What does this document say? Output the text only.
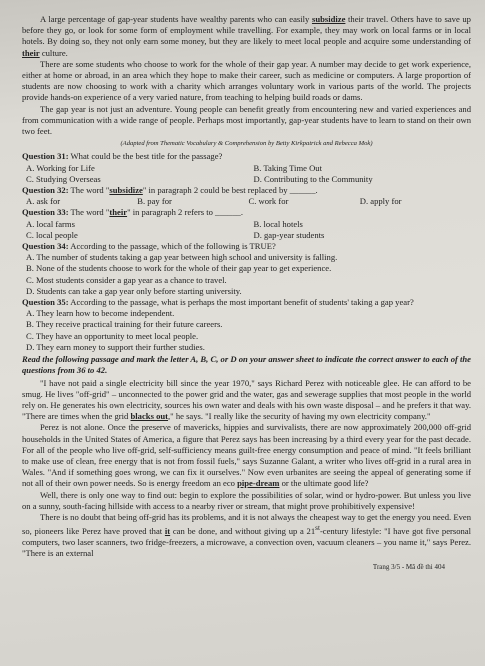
A large percentage of gap-year students have wealthy parents who can easily subsidize their travel. Others have to save up before they go, or look for some form of employment while travelling. For example, they may work on local farms or in local hotels. By doing so, they not only earn some money, but they are likely to meet local people and acquire some understanding of their culture.

There are some students who choose to work for the whole of their gap year. A number may decide to get work experience, either at home or abroad, in an area which they hope to make their career, such as medicine or computers. A large proportion of students are now choosing to work with a charity which arranges voluntary work in various parts of the world. The projects provide hands-on experience of a very varied nature, from teaching to helping build roads or dams.

The gap year is not just an adventure. Young people can benefit greatly from encountering new and varied experiences and from communication with a wide range of people. Perhaps most importantly, gap-year students have to learn to stand on their own two feet.

(Adapted from Thematic Vocabulary & Comprehension by Betty Kirkpatrick and Rebecca Mok)

Question 31: What could be the best title for the passage?
A. Working for Life	B. Taking Time Out
C. Studying Overseas	D. Contributing to the Community
Question 32: The word "subsidize" in paragraph 2 could be best replaced by ______.
A. ask for	B. pay for	C. work for	D. apply for
Question 33: The word "their" in paragraph 2 refers to ______.
A. local farms	B. local hotels
C. local people	D. gap-year students
Question 34: According to the passage, which of the following is TRUE?
A. The number of students taking a gap year between high school and university is falling.
B. None of the students choose to work for the whole of their gap year to get experience.
C. Most students consider a gap year as a chance to travel.
D. Students can take a gap year only before starting university.
Question 35: According to the passage, what is perhaps the most important benefit of students' taking a gap year?
A. They learn how to become independent.
B. They receive practical training for their future careers.
C. They have an opportunity to meet local people.
D. They earn money to support their further studies.

Read the following passage and mark the letter A, B, C, or D on your answer sheet to indicate the correct answer to each of the questions from 36 to 42.

"I have not paid a single electricity bill since the year 1970," says Richard Perez with noticeable glee. He can afford to be smug. He lives "off-grid" – unconnected to the power grid and the water, gas and sewerage supplies that most people in the world rely on. He generates his own electricity, sources his own water and deals with his own waste disposal – and he prefers it that way. "There are times when the grid blacks out," he says. "I really like the security of having my own electricity company."

Perez is not alone. Once the preserve of mavericks, hippies and survivalists, there are now approximately 200,000 off-grid households in the United States of America, a figure that Perez says has been increasing by a third every year for the past decade. For all of the people who live off-grid, self-sufficiency means guilt-free energy consumption and peace of mind. "It feels brilliant to make use of clean, free energy that is not from fossil fuels," says Suzanne Galant, a writer who lives off-grid in a rural area in Wales. "And if something goes wrong, we can fix it ourselves." Now even urbanites are seeing the appeal of generating some if not all of their own power needs. So is energy freedom an eco pipe-dream or the ultimate good life?

Well, there is only one way to find out: begin to explore the possibilities of solar, wind or hydro-power. But unless you live on a sunny, south-facing hillside with access to a nearby river or stream, that might prove prohibitively expensive!

There is no doubt that being off-grid has its problems, and it is not always the cheapest way to get the energy you need. Even so, pioneers like Perez have proved that it can be done, and without giving up a 21st-century lifestyle: "I have got five personal computers, two laser scanners, two fridge-freezers, a microwave, a convection oven, vacuum cleaners – you name it," says Perez. "There is an external

Trang 3/5 - Mã đề thi 404
